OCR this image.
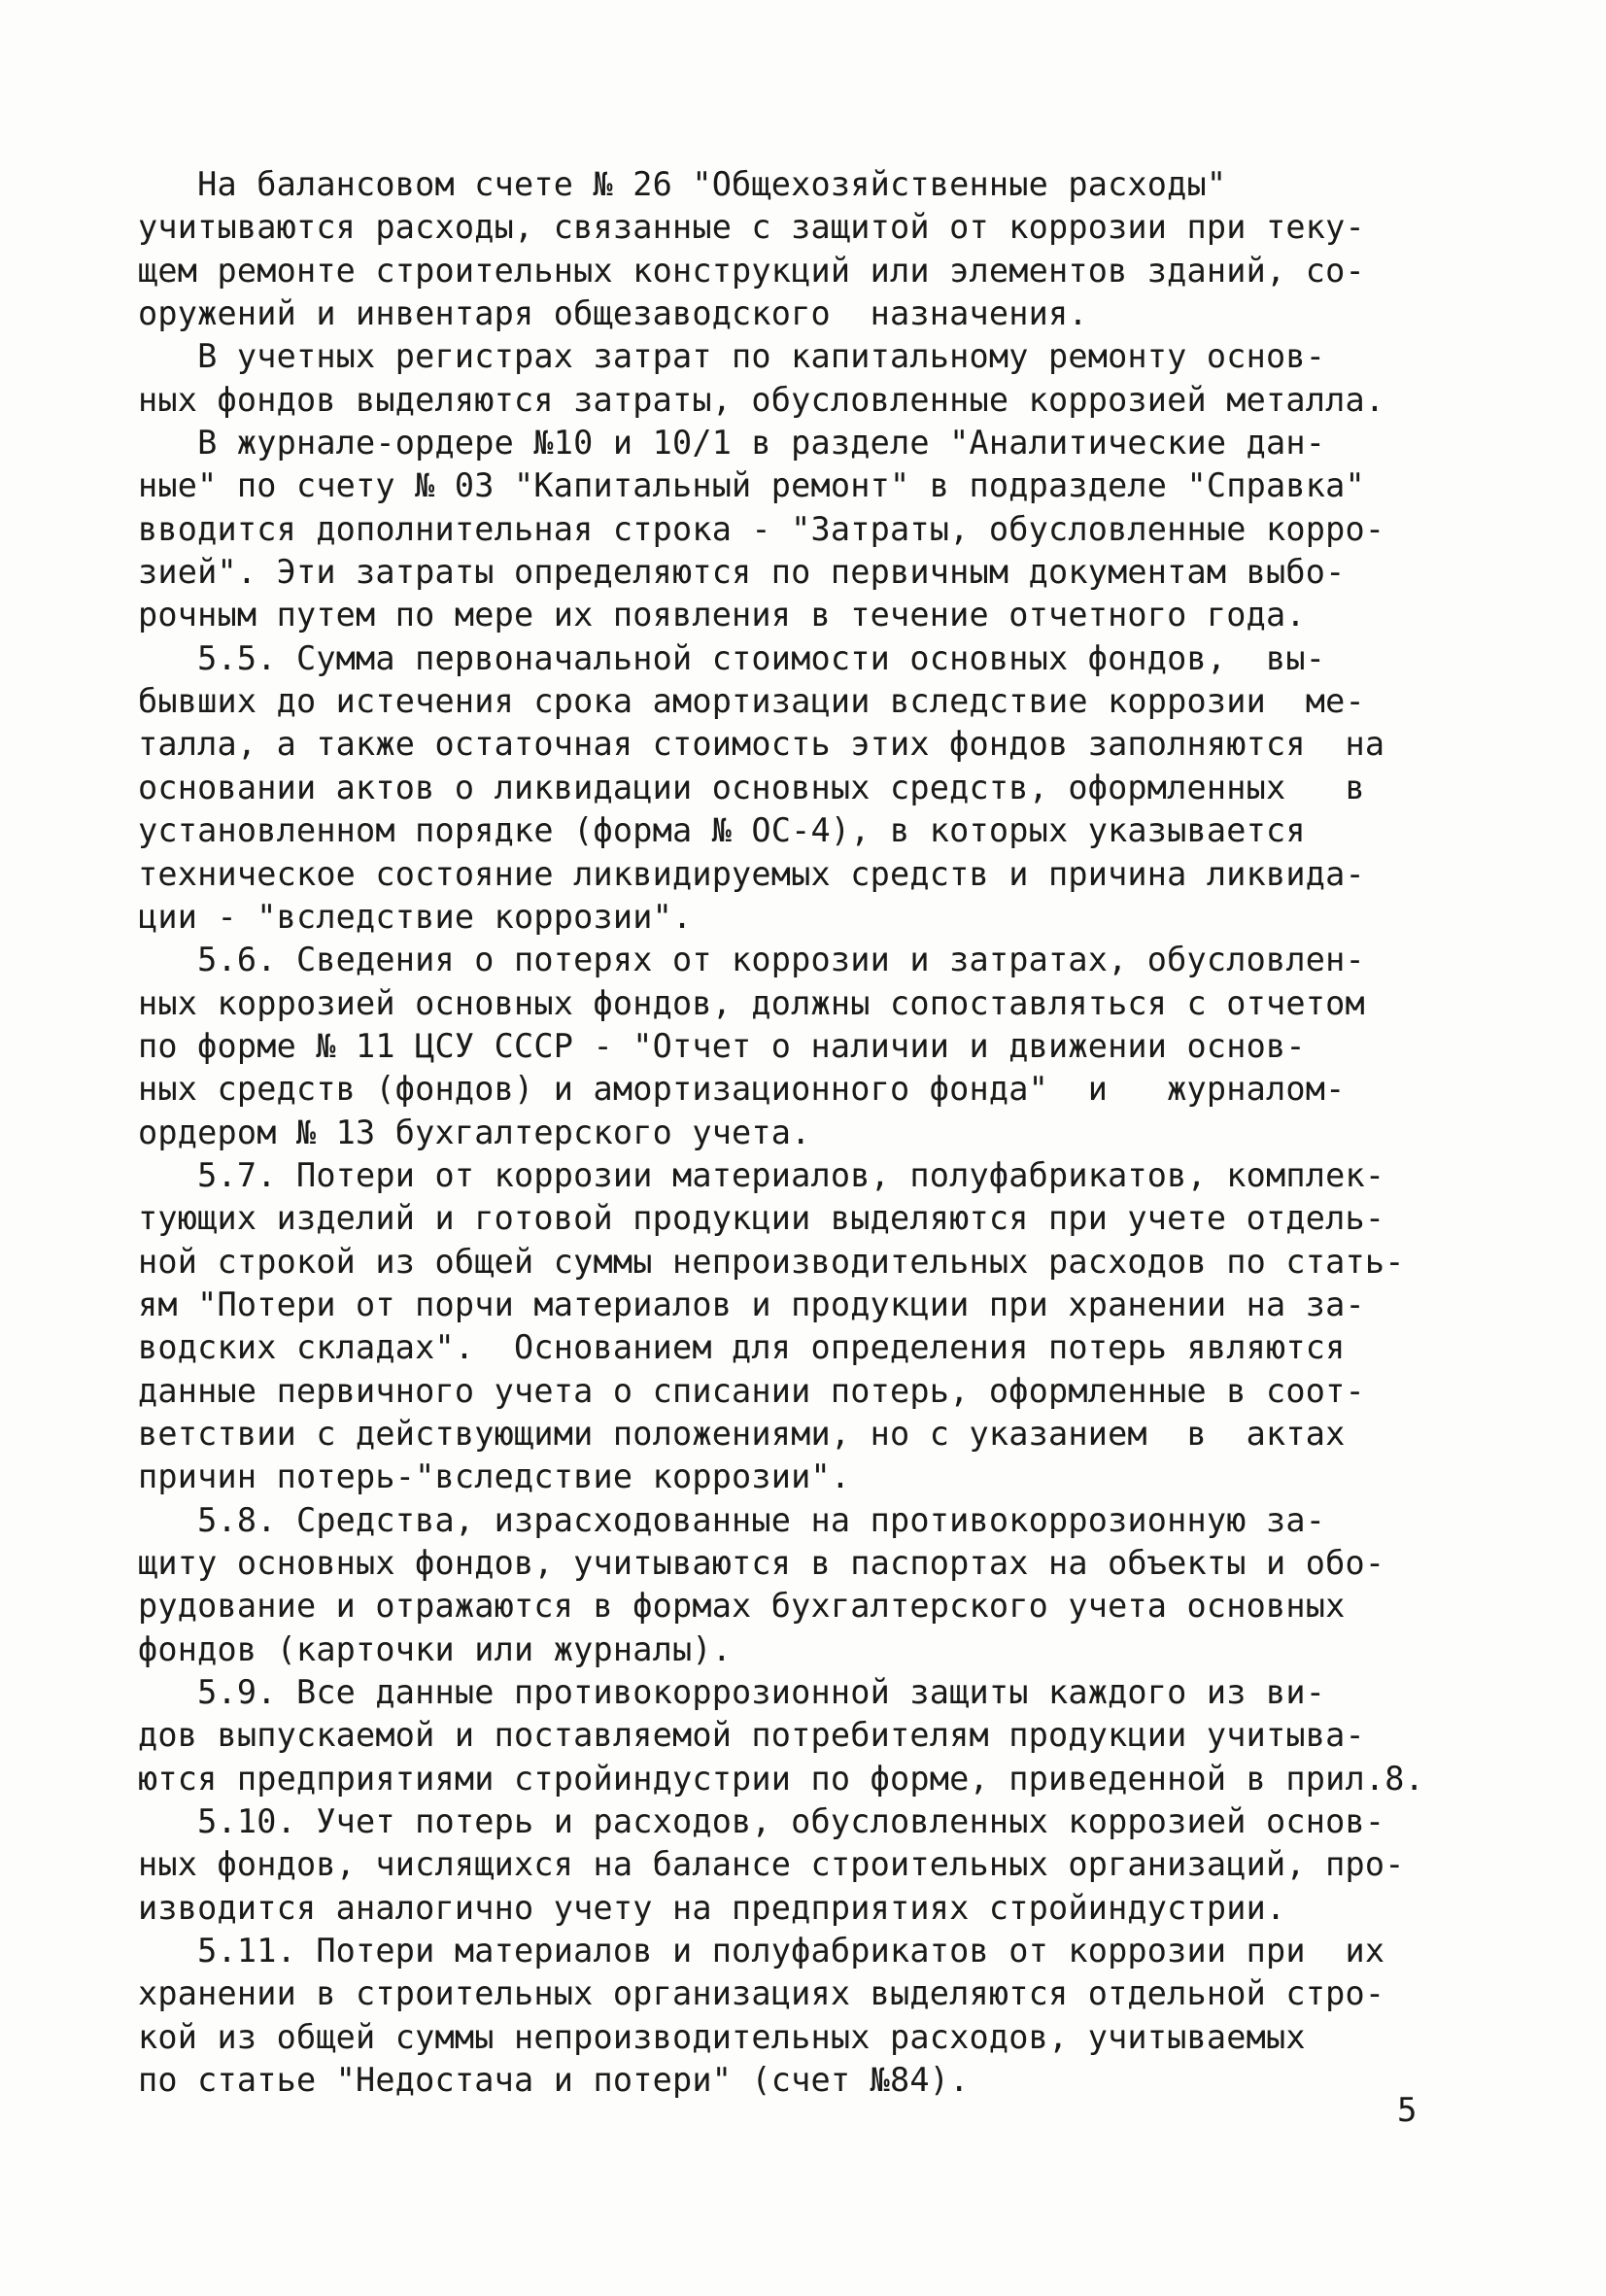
На балансовом счете № 26 "Общехозяйственные расходы"
учитываются расходы, связанные с защитой от коррозии при теку-
щем ремонте строительных конструкций или элементов зданий, со-
оружений и инвентаря общезаводского  назначения.
В учетных регистрах затрат по капитальному ремонту основ-
ных фондов выделяются затраты, обусловленные коррозией металла.
В журнале-ордере №10 и 10/1 в разделе "Аналитические дан-
ные" по счету № 03 "Капитальный ремонт" в подразделе "Справка"
вводится дополнительная строка - "Затраты, обусловленные корро-
зией". Эти затраты определяются по первичным документам выбо-
рочным путем по мере их появления в течение отчетного года.
5.5. Сумма первоначальной стоимости основных фондов,  вы-
бывших до истечения срока амортизации вследствие коррозии  ме-
талла, а также остаточная стоимость этих фондов заполняются  на
основании актов о ликвидации основных средств, оформленных   в
установленном порядке (форма № ОС-4), в которых указывается
техническое состояние ликвидируемых средств и причина ликвида-
ции - "вследствие коррозии".
5.6. Сведения о потерях от коррозии и затратах, обусловлен-
ных коррозией основных фондов, должны сопоставляться с отчетом
по форме № 11 ЦСУ СССР - "Отчет о наличии и движении основ-
ных средств (фондов) и амортизационного фонда"  и   журналом-
ордером № 13 бухгалтерского учета.
5.7. Потери от коррозии материалов, полуфабрикатов, комплек-
тующих изделий и готовой продукции выделяются при учете отдель-
ной строкой из общей суммы непроизводительных расходов по стать-
ям "Потери от порчи материалов и продукции при хранении на за-
водских складах".  Основанием для определения потерь являются
данные первичного учета о списании потерь, оформленные в соот-
ветствии с действующими положениями, но с указанием  в  актах
причин потерь-"вследствие коррозии".
5.8. Средства, израсходованные на противокоррозионную за-
щиту основных фондов, учитываются в паспортах на объекты и обо-
рудование и отражаются в формах бухгалтерского учета основных
фондов (карточки или журналы).
5.9. Все данные противокоррозионной защиты каждого из ви-
дов выпускаемой и поставляемой потребителям продукции учитыва-
ются предприятиями стройиндустрии по форме, приведенной в прил.8.
5.10. Учет потерь и расходов, обусловленных коррозией основ-
ных фондов, числящихся на балансе строительных организаций, про-
изводится аналогично учету на предприятиях стройиндустрии.
5.11. Потери материалов и полуфабрикатов от коррозии при  их
хранении в строительных организациях выделяются отдельной стро-
кой из общей суммы непроизводительных расходов, учитываемых
по статье "Недостача и потери" (счет №84).
5
